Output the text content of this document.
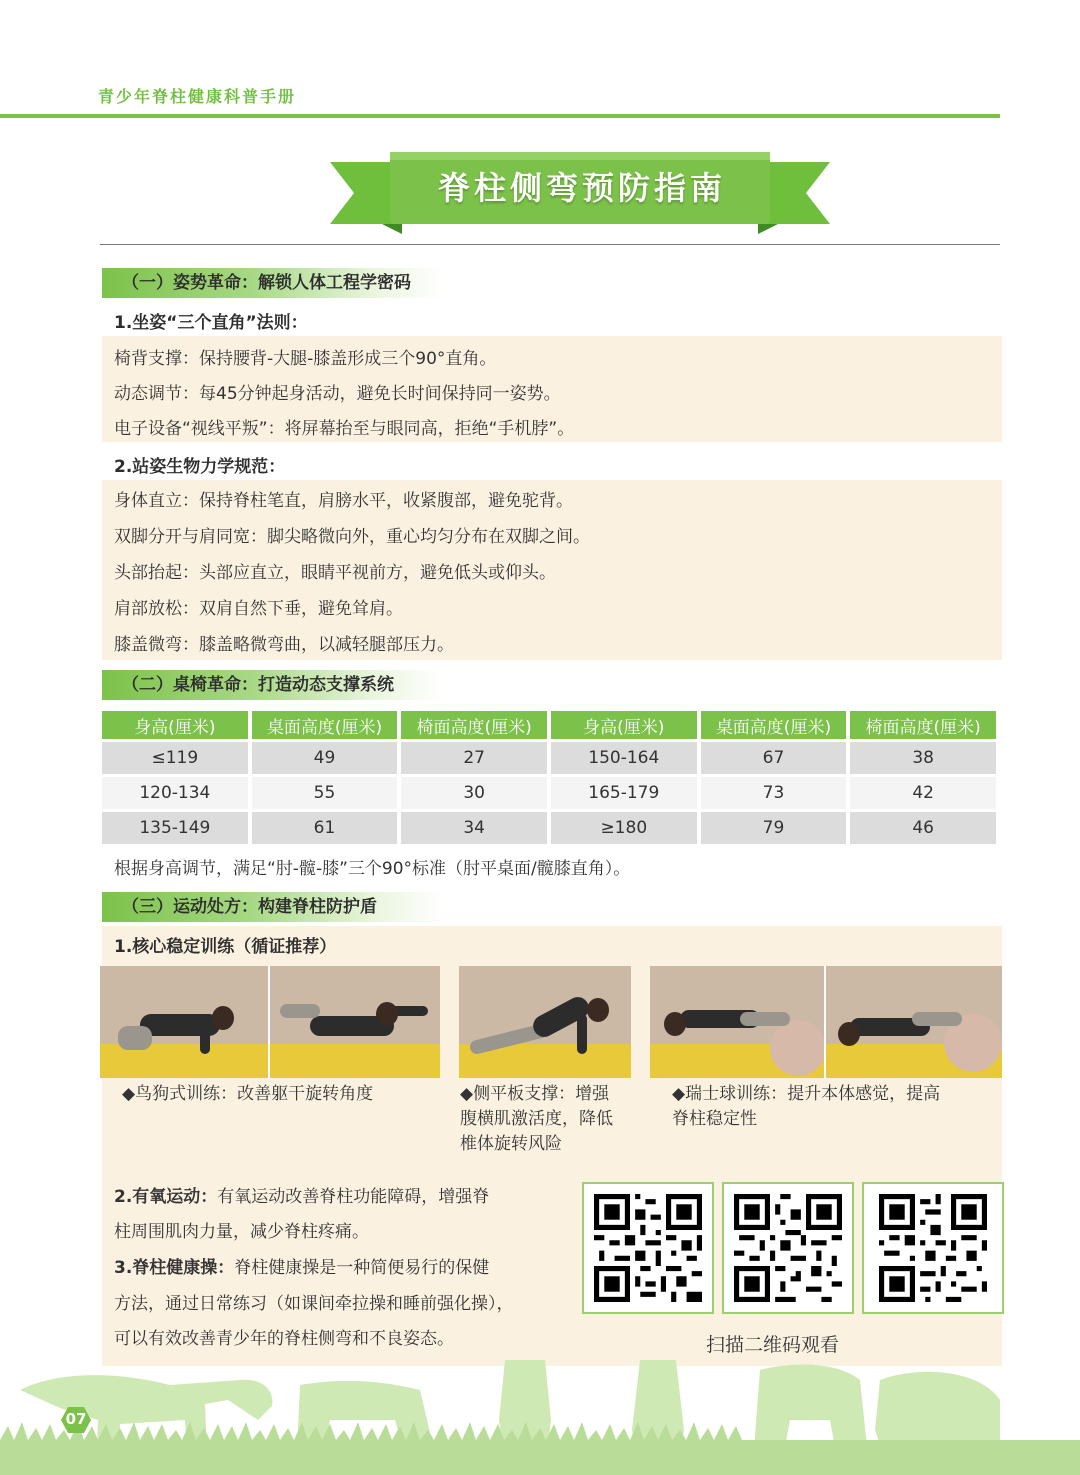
青少年脊柱健康科普手册
脊柱侧弯预防指南
（一）姿势革命：解锁人体工程学密码
1.坐姿“三个直角”法则：
椅背支撑：保持腰背-大腿-膝盖形成三个90°直角。
动态调节：每45分钟起身活动，避免长时间保持同一姿势。
电子设备“视线平叛”：将屏幕抬至与眼同高，拒绝“手机脖”。
2.站姿生物力学规范：
身体直立：保持脊柱笔直，肩膀水平，收紧腹部，避免驼背。
双脚分开与肩同宽：脚尖略微向外，重心均匀分布在双脚之间。
头部抬起：头部应直立，眼睛平视前方，避免低头或仰头。
肩部放松：双肩自然下垂，避免耸肩。
膝盖微弯：膝盖略微弯曲，以减轻腿部压力。
（二）桌椅革命：打造动态支撑系统
身高(厘米)	桌面高度(厘米)	椅面高度(厘米)	身高(厘米)	桌面高度(厘米)	椅面高度(厘米)
≤119	49	27	150-164	67	38
120-134	55	30	165-179	73	42
135-149	61	34	≥180	79	46
根据身高调节，满足“肘-髋-膝”三个90°标准（肘平桌面/髋膝直角）。
（三）运动处方：构建脊柱防护盾
1.核心稳定训练（循证推荐）
◆鸟狗式训练：改善躯干旋转角度	◆侧平板支撑：增强
腹横肌激活度，降低
椎体旋转风险
◆瑞士球训练：提升本体感觉，提高
脊柱稳定性
2.有氧运动：有氧运动改善脊柱功能障碍，增强脊
柱周围肌肉力量，减少脊柱疼痛。
3.脊柱健康操：脊柱健康操是一种简便易行的保健
方法，通过日常练习（如课间牵拉操和睡前强化操），
可以有效改善青少年的脊柱侧弯和不良姿态。	扫描二维码观看
07
